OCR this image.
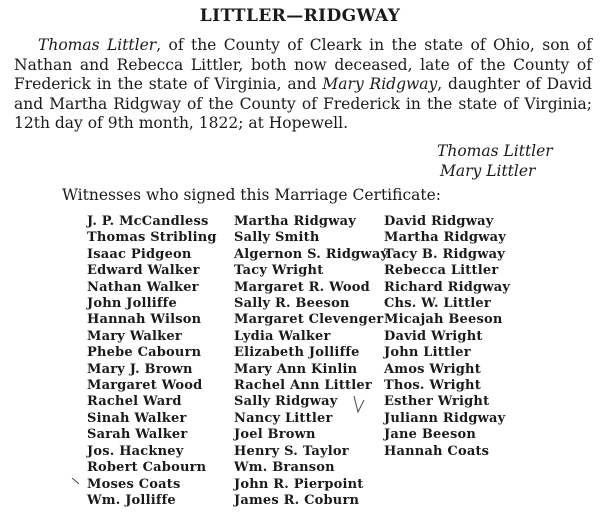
LITTLER—RIDGWAY
Thomas Littler, of the County of Cleark in the state of Ohio, son of Nathan and Rebecca Littler, both now deceased, late of the County of Frederick in the state of Virginia, and Mary Ridgway, daughter of David and Martha Ridgway of the County of Frederick in the state of Virginia; 12th day of 9th month, 1822; at Hopewell.
Thomas Littler
Mary Littler
Witnesses who signed this Marriage Certificate:
J. P. McCandless
Thomas Stribling
Isaac Pidgeon
Edward Walker
Nathan Walker
John Jolliffe
Hannah Wilson
Mary Walker
Phebe Cabourn
Mary J. Brown
Margaret Wood
Rachel Ward
Sinah Walker
Sarah Walker
Jos. Hackney
Robert Cabourn
Moses Coats
Wm. Jolliffe
Martha Ridgway
Sally Smith
Algernon S. Ridgway
Tacy Wright
Margaret R. Wood
Sally R. Beeson
Margaret Clevenger
Lydia Walker
Elizabeth Jolliffe
Mary Ann Kinlin
Rachel Ann Littler
Sally Ridgway
Nancy Littler
Joel Brown
Henry S. Taylor
Wm. Branson
John R. Pierpoint
James R. Coburn
David Ridgway
Martha Ridgway
Tacy B. Ridgway
Rebecca Littler
Richard Ridgway
Chs. W. Littler
Micajah Beeson
David Wright
John Littler
Amos Wright
Thos. Wright
Esther Wright
Juliann Ridgway
Jane Beeson
Hannah Coats
